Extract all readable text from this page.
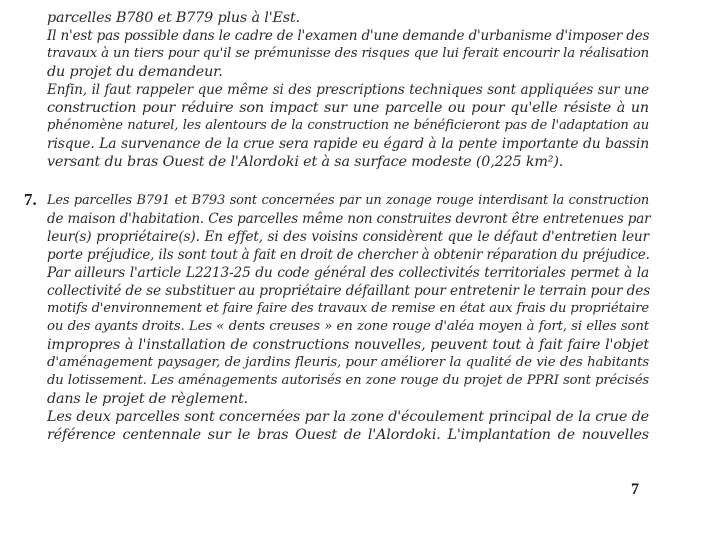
parcelles B780 et B779 plus à l'Est.
Il n'est pas possible dans le cadre de l'examen d'une demande d'urbanisme d'imposer des
travaux à un tiers pour qu'il se prémunisse des risques que lui ferait encourir la réalisation
du projet du demandeur.
Enfin, il faut rappeler que même si des prescriptions techniques sont appliquées sur une
construction pour réduire son impact sur une parcelle ou pour qu'elle résiste à un
phénomène naturel, les alentours de la construction ne bénéficieront pas de l'adaptation au
risque. La survenance de la crue sera rapide eu égard à la pente importante du bassin
versant du bras Ouest de l'Alordoki et à sa surface modeste (0,225 km²).
7. Les parcelles B791 et B793 sont concernées par un zonage rouge interdisant la construction
de maison d'habitation. Ces parcelles même non construites devront être entretenues par
leur(s) propriétaire(s). En effet, si des voisins considèrent que le défaut d'entretien leur
porte préjudice, ils sont tout à fait en droit de chercher à obtenir réparation du préjudice.
Par ailleurs l'article L2213-25 du code général des collectivités territoriales permet à la
collectivité de se substituer au propriétaire défaillant pour entretenir le terrain pour des
motifs d'environnement et faire faire des travaux de remise en état aux frais du propriétaire
ou des ayants droits. Les « dents creuses » en zone rouge d'aléa moyen à fort, si elles sont
impropres à l'installation de constructions nouvelles, peuvent tout à fait faire l'objet
d'aménagement paysager, de jardins fleuris, pour améliorer la qualité de vie des habitants
du lotissement. Les aménagements autorisés en zone rouge du projet de PPRI sont précisés
dans le projet de règlement.
Les deux parcelles sont concernées par la zone d'écoulement principal de la crue de
référence centennale sur le bras Ouest de l'Alordoki. L'implantation de nouvelles
7
